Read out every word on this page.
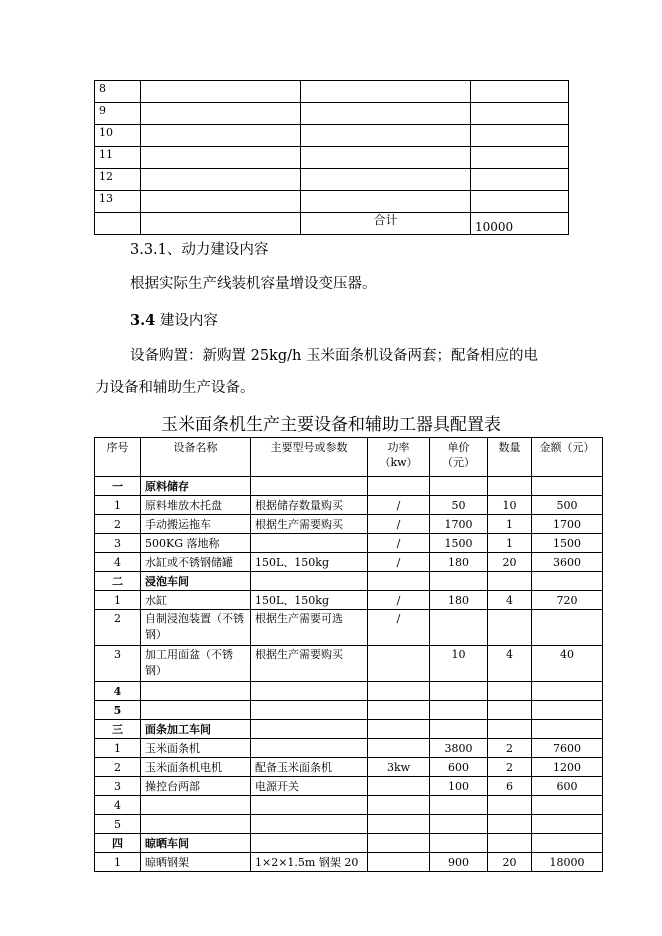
8			
9			
10			
11			
12			
13			
		合计	10000
3.3.1、动力建设内容
根据实际生产线装机容量增设变压器。
3.4 建设内容
设备购置：新购置 25kg/h 玉米面条机设备两套；配备相应的电
力设备和辅助生产设备。
玉米面条机生产主要设备和辅助工器具配置表
序号	设备名称	主要型号或参数	功率（kw）	单价（元）	数量	金额（元）
一	原料储存					
1	原料堆放木托盘	根据储存数量购买	/	50	10	500
2	手动搬运拖车	根据生产需要购买	/	1700	1	1700
3	500KG 落地称		/	1500	1	1500
4	水缸或不锈钢储罐	150L、150kg	/	180	20	3600
二	浸泡车间					
1	水缸	150L、150kg	/	180	4	720
2	自制浸泡装置（不锈钢）	根据生产需要可选	/			
3	加工用面盆（不锈钢）	根据生产需要购买		10	4	40
4						
5						
三	面条加工车间					
1	玉米面条机			3800	2	7600
2	玉米面条机电机	配备玉米面条机	3kw	600	2	1200
3	操控台两部	电源开关		100	6	600
4						
5						
四	晾晒车间					
1	晾晒钢架	1×2×1.5m 钢架 20		900	20	18000
